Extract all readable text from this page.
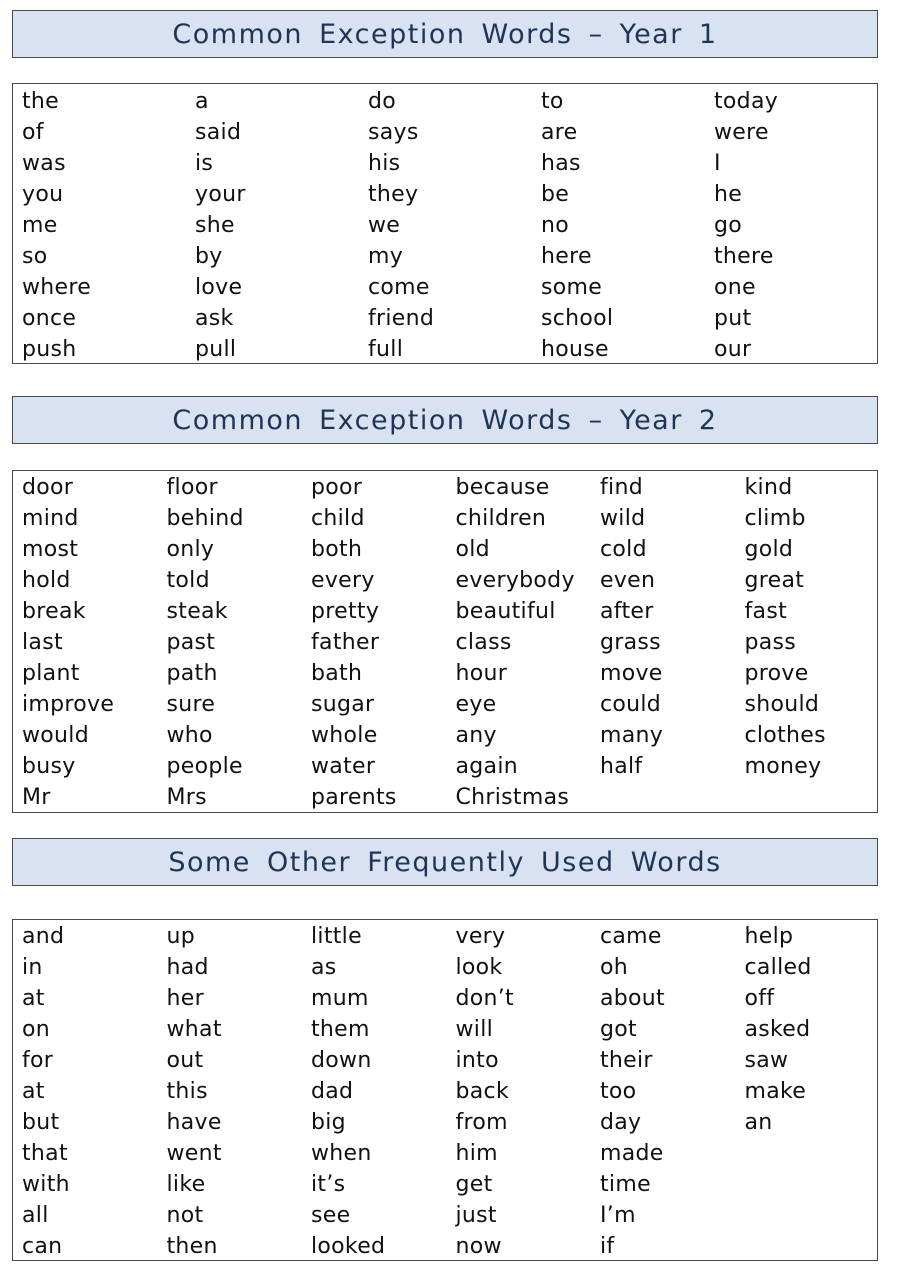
Common Exception Words – Year 1
the	a	do	to	today
of	said	says	are	were
was	is	his	has	I
you	your	they	be	he
me	she	we	no	go
so	by	my	here	there
where	love	come	some	one
once	ask	friend	school	put
push	pull	full	house	our
Common Exception Words – Year 2
door	floor	poor	because	find	kind
mind	behind	child	children	wild	climb
most	only	both	old	cold	gold
hold	told	every	everybody	even	great
break	steak	pretty	beautiful	after	fast
last	past	father	class	grass	pass
plant	path	bath	hour	move	prove
improve	sure	sugar	eye	could	should
would	who	whole	any	many	clothes
busy	people	water	again	half	money
Mr	Mrs	parents	Christmas
Some Other Frequently Used Words
and	up	little	very	came	help
in	had	as	look	oh	called
at	her	mum	don’t	about	off
on	what	them	will	got	asked
for	out	down	into	their	saw
at	this	dad	back	too	make
but	have	big	from	day	an
that	went	when	him	made
with	like	it’s	get	time
all	not	see	just	I’m
can	then	looked	now	if
